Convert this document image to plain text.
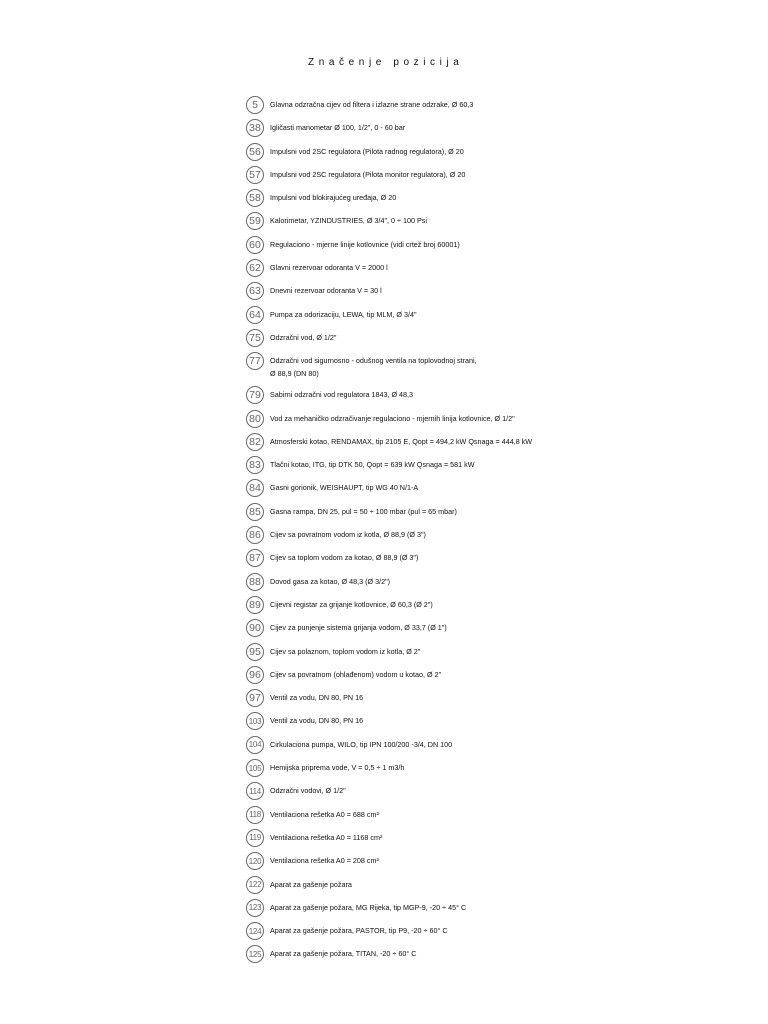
Značenje pozicija
5	Glavna odzračna cijev od filtera i izlazne strane odzrake, Ø 60,3
38	Igličasti manometar Ø 100, 1/2", 0 - 60 bar
56	Impulsni vod 2SC regulatora (Pilota radnog regulatora), Ø 20
57	Impulsni vod 2SC regulatora (Pilota monitor regulatora), Ø 20
58	Impulsni vod blokirajućeg uređaja, Ø 20
59	Kalorimetar, YZINDUSTRIES, Ø 3/4", 0 ÷ 100 Psi
60	Regulaciono - mjerne linije kotlovnice (vidi crtež broj 60001)
62	Glavni rezervoar odoranta V = 2000 l
63	Dnevni rezervoar odoranta V = 30 l
64	Pumpa za odorizaciju, LEWA, tip MLM, Ø 3/4"
75	Odzračni vod, Ø 1/2"
77	Odzračni vod sigurnosno - odušnog ventila na toplovodnoj strani,
Ø 88,9 (DN 80)
79	Sabirni odzračni vod regulatora 1843, Ø 48,3
80	Vod za mehaničko odzračivanje regulaciono - mjernih linija kotlovnice, Ø 1/2"
82	Atmosferski kotao, RENDAMAX, tip 2105 E, Qopt = 494,2 kW Qsnaga = 444,8 kW
83	Tlačni kotao, ITG, tip DTK 50, Qopt = 639 kW Qsnaga = 581 kW
84	Gasni gorionik, WEISHAUPT, tip WG 40 N/1-A
85	Gasna rampa, DN 25, pul = 50 ÷ 100 mbar (pul = 65 mbar)
86	Cijev sa povratnom vodom iz kotla, Ø 88,9 (Ø 3")
87	Cijev sa toplom vodom za kotao, Ø 88,9 (Ø 3")
88	Dovod gasa za kotao, Ø 48,3 (Ø 3/2")
89	Cijevni registar za grijanje kotlovnice, Ø 60,3 (Ø 2")
90	Cijev za punjenje sistema grijanja vodom, Ø 33,7 (Ø 1")
95	Cijev sa polaznom, toplom vodom iz kotla, Ø 2"
96	Cijev sa povratnom (ohlađenom) vodom u kotao, Ø 2"
97	Ventil za vodu, DN 80, PN 16
103	Ventil za vodu, DN 80, PN 16
104	Cirkulaciona pumpa, WILO, tip IPN 100/200 -3/4, DN 100
105	Hemijska priprema vode, V = 0,5 ÷ 1 m3/h
114	Odzračni vodovi, Ø 1/2"
118	Ventilaciona rešetka A0 = 688 cm²
119	Ventilaciona rešetka A0 = 1168 cm²
120	Ventilaciona rešetka A0 = 208 cm²
122	Aparat za gašenje požara
123	Aparat za gašenje požara, MG Rijeka, tip MGP-9, -20 ÷ 45° C
124	Aparat za gašenje požara, PASTOR, tip P9, -20 ÷ 60° C
125	Aparat za gašenje požara, TITAN, -20 ÷ 60° C
